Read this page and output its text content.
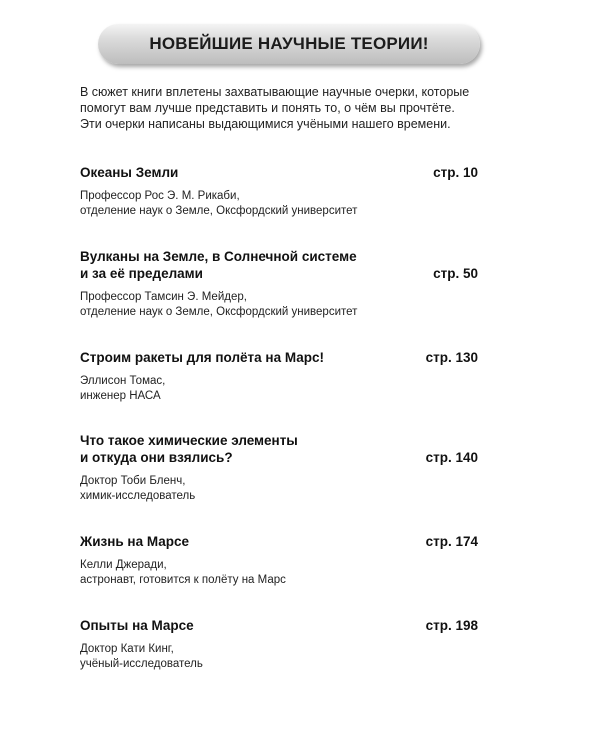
НОВЕЙШИЕ НАУЧНЫЕ ТЕОРИИ!
В сюжет книги вплетены захватывающие научные очерки, которые
помогут вам лучше представить и понять то, о чём вы прочтёте.
Эти очерки написаны выдающимися учёными нашего времени.
стр. 10
Океаны Земли
Профессор Рос Э. М. Рикаби,
отделение наук о Земле, Оксфордский университет
стр. 50
Вулканы на Земле, в Солнечной системе
и за её пределами
Профессор Тамсин Э. Мейдер,
отделение наук о Земле, Оксфордский университет
стр. 130
Строим ракеты для полёта на Марс!
Эллисон Томас,
инженер НАСА
стр. 140
Что такое химические элементы
и откуда они взялись?
Доктор Тоби Бленч,
химик-исследователь
стр. 174
Жизнь на Марсе
Келли Джеради,
астронавт, готовится к полёту на Марс
стр. 198
Опыты на Марсе
Доктор Кати Кинг,
учёный-исследователь
